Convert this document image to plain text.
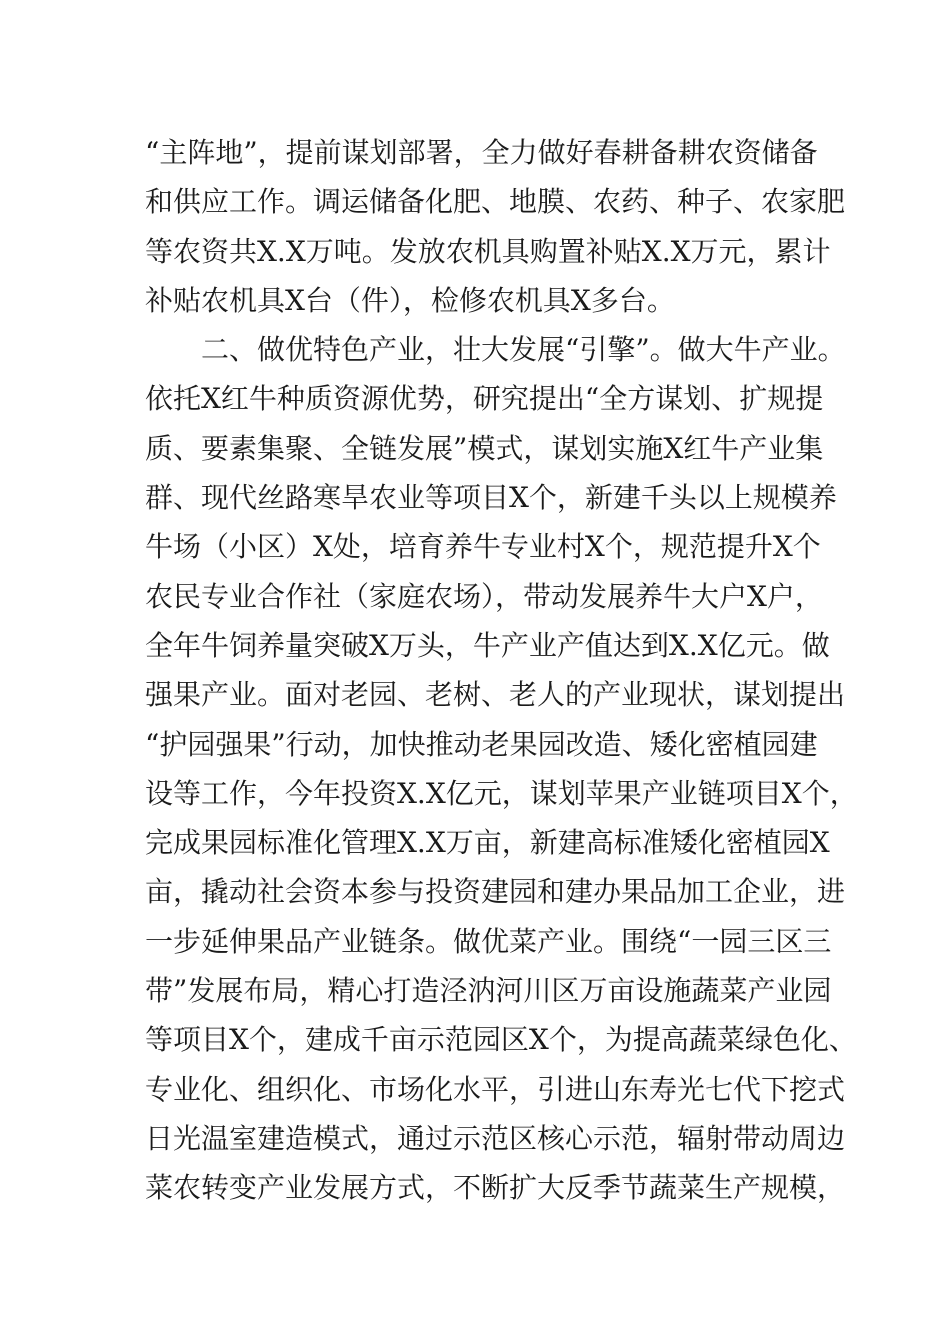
“主阵地”，提前谋划部署，全力做好春耕备耕农资储备
和供应工作。调运储备化肥、地膜、农药、种子、农家肥
等农资共X.X万吨。发放农机具购置补贴X.X万元，累计
补贴农机具X台（件），检修农机具X多台。
二、做优特色产业，壮大发展“引擎”。做大牛产业。
依托X红牛种质资源优势，研究提出“全方谋划、扩规提
质、要素集聚、全链发展”模式，谋划实施X红牛产业集
群、现代丝路寒旱农业等项目X个，新建千头以上规模养
牛场（小区）X处，培育养牛专业村X个，规范提升X个
农民专业合作社（家庭农场），带动发展养牛大户X户，
全年牛饲养量突破X万头，牛产业产值达到X.X亿元。做
强果产业。面对老园、老树、老人的产业现状，谋划提出
“护园强果”行动，加快推动老果园改造、矮化密植园建
设等工作，今年投资X.X亿元，谋划苹果产业链项目X个，
完成果园标准化管理X.X万亩，新建高标准矮化密植园X
亩，撬动社会资本参与投资建园和建办果品加工企业，进
一步延伸果品产业链条。做优菜产业。围绕“一园三区三
带”发展布局，精心打造泾汭河川区万亩设施蔬菜产业园
等项目X个，建成千亩示范园区X个，为提高蔬菜绿色化、
专业化、组织化、市场化水平，引进山东寿光七代下挖式
日光温室建造模式，通过示范区核心示范，辐射带动周边
菜农转变产业发展方式，不断扩大反季节蔬菜生产规模，
